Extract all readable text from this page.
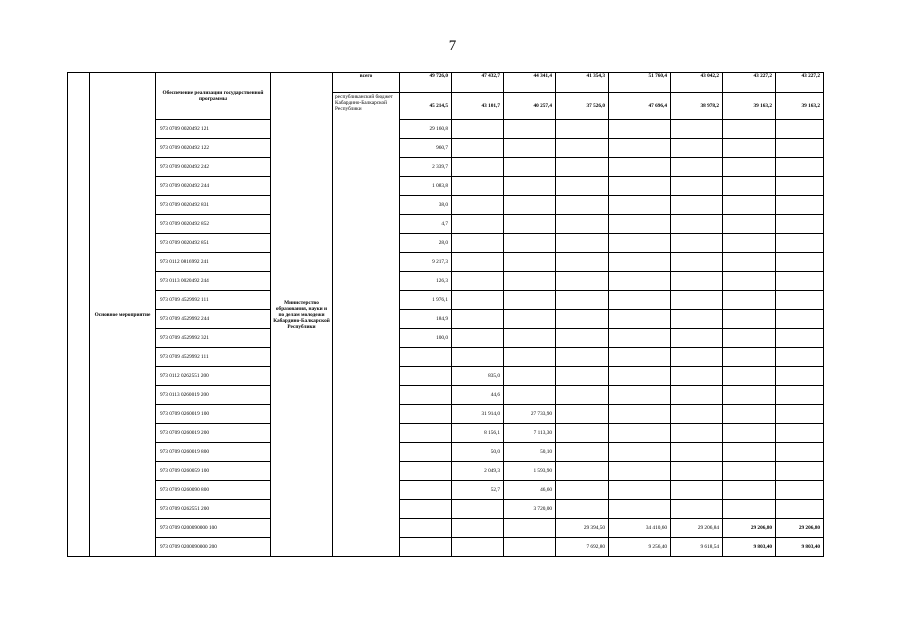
7
	Основное мероприятие	Обеспечение реализации государственной программы	Министерство образования, науки и по делам молодежи Кабардино-Балкарской Республики	всего	49 726,0	47 432,7	44 341,4	41 354,3	51 760,4	43 042,2	43 227,2	43 227,2
				республиканский бюджет Кабардино-Балкарской Республики	45 214,5	43 101,7	40 257,4	37 526,0	47 696,4	38 978,2	39 163,2	39 163,2
		973 0709 0020492 121			29 160,8							
		973 0709 0020492 122			960,7							
		973 0709 0020492 242			2 339,7							
		973 0709 0020492 244			1 083,8							
		973 0709 0020492 831			38,0							
		973 0709 0020492 852			4,7							
		973 0709 0020492 851			28,0							
		973 0112 0816992 241			9 217,3							
		973 0113 0020492 244			126,3							
		973 0709 4529992 111			1 976,1							
		973 0709 4529992 244			184,9							
		973 0709 4529992 321			100,0							
		973 0709 4529992 111										
		973 0112 0262551 200				835,0						
		973 0113 0260019 200				44,6						
		973 0709 0260019 100				31 914,0	27 733,90					
		973 0709 0260019 200				8 156,1	7 113,30					
		973 0709 0260019 800				50,0	50,10					
		973 0709 0260059 100				2 049,3	1 593,90					
		973 0709 0260090 800				52,7	46,60					
		973 0709 0262551 200					3 720,00					
		973 0709 0200090000 100						29 394,50	34 410,60	29 206,84	29 206,80	29 206,80
		973 0709 0200090000 200						7 692,80	9 256,40	9 618,54	9 803,40	9 803,40
